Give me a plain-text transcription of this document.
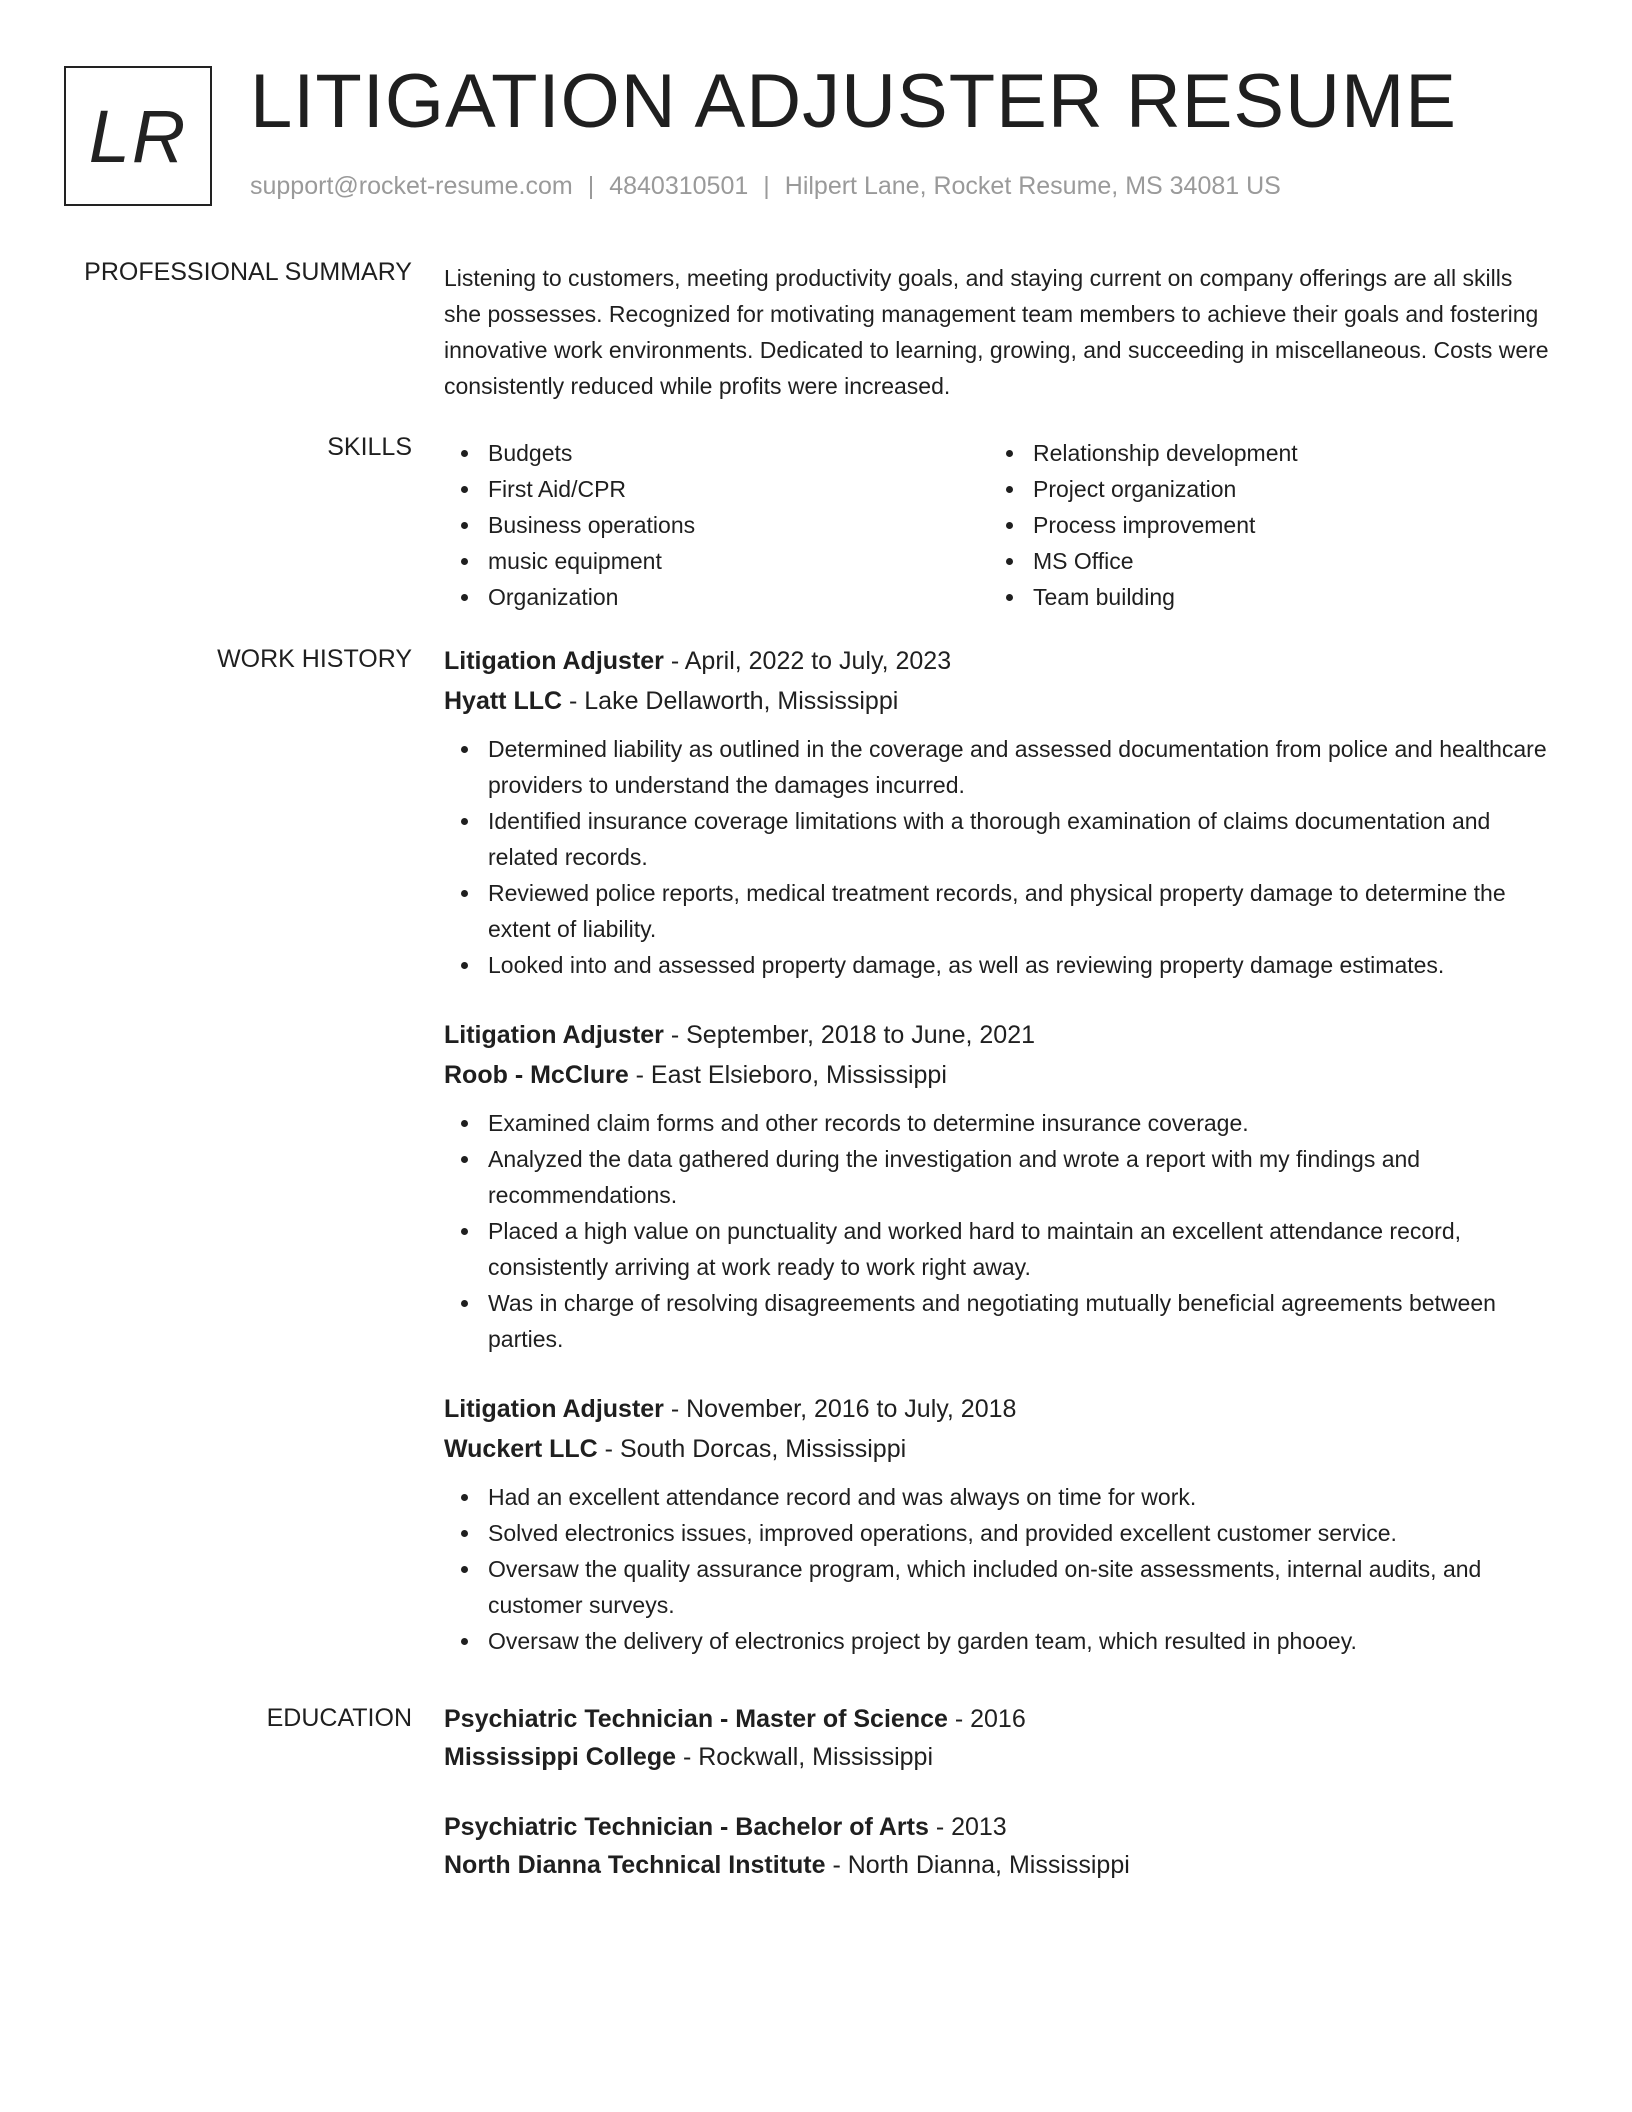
LR LITIGATION ADJUSTER RESUME
support@rocket-resume.com | 4840310501 | Hilpert Lane, Rocket Resume, MS 34081 US
PROFESSIONAL SUMMARY Listening to customers, meeting productivity goals, and staying current on company offerings are all skills she possesses. Recognized for motivating management team members to achieve their goals and fostering innovative work environments. Dedicated to learning, growing, and succeeding in miscellaneous. Costs were consistently reduced while profits were increased.

SKILLS	Budgets
First Aid/CPR
Business operations
music equipment
Organization
Relationship development
Project organization
Process improvement
MS Office
Team building
WORK HISTORY Litigation Adjuster - April, 2022 to July, 2023
Hyatt LLC - Lake Dellaworth, Mississippi
Determined liability as outlined in the coverage and assessed documentation from police and healthcare providers to understand the damages incurred.
Identified insurance coverage limitations with a thorough examination of claims documentation and related records.
Reviewed police reports, medical treatment records, and physical property damage to determine the extent of liability.
Looked into and assessed property damage, as well as reviewing property damage estimates.
Litigation Adjuster - September, 2018 to June, 2021
Roob - McClure - East Elsieboro, Mississippi
Examined claim forms and other records to determine insurance coverage.
Analyzed the data gathered during the investigation and wrote a report with my findings and recommendations.
Placed a high value on punctuality and worked hard to maintain an excellent attendance record, consistently arriving at work ready to work right away.
Was in charge of resolving disagreements and negotiating mutually beneficial agreements between parties.
Litigation Adjuster - November, 2016 to July, 2018
Wuckert LLC - South Dorcas, Mississippi
Had an excellent attendance record and was always on time for work.
Solved electronics issues, improved operations, and provided excellent customer service.
Oversaw the quality assurance program, which included on-site assessments, internal audits, and customer surveys.
Oversaw the delivery of electronics project by garden team, which resulted in phooey.
EDUCATION Psychiatric Technician - Master of Science - 2016
Mississippi College - Rockwall, Mississippi
Psychiatric Technician - Bachelor of Arts - 2013
North Dianna Technical Institute - North Dianna, Mississippi
